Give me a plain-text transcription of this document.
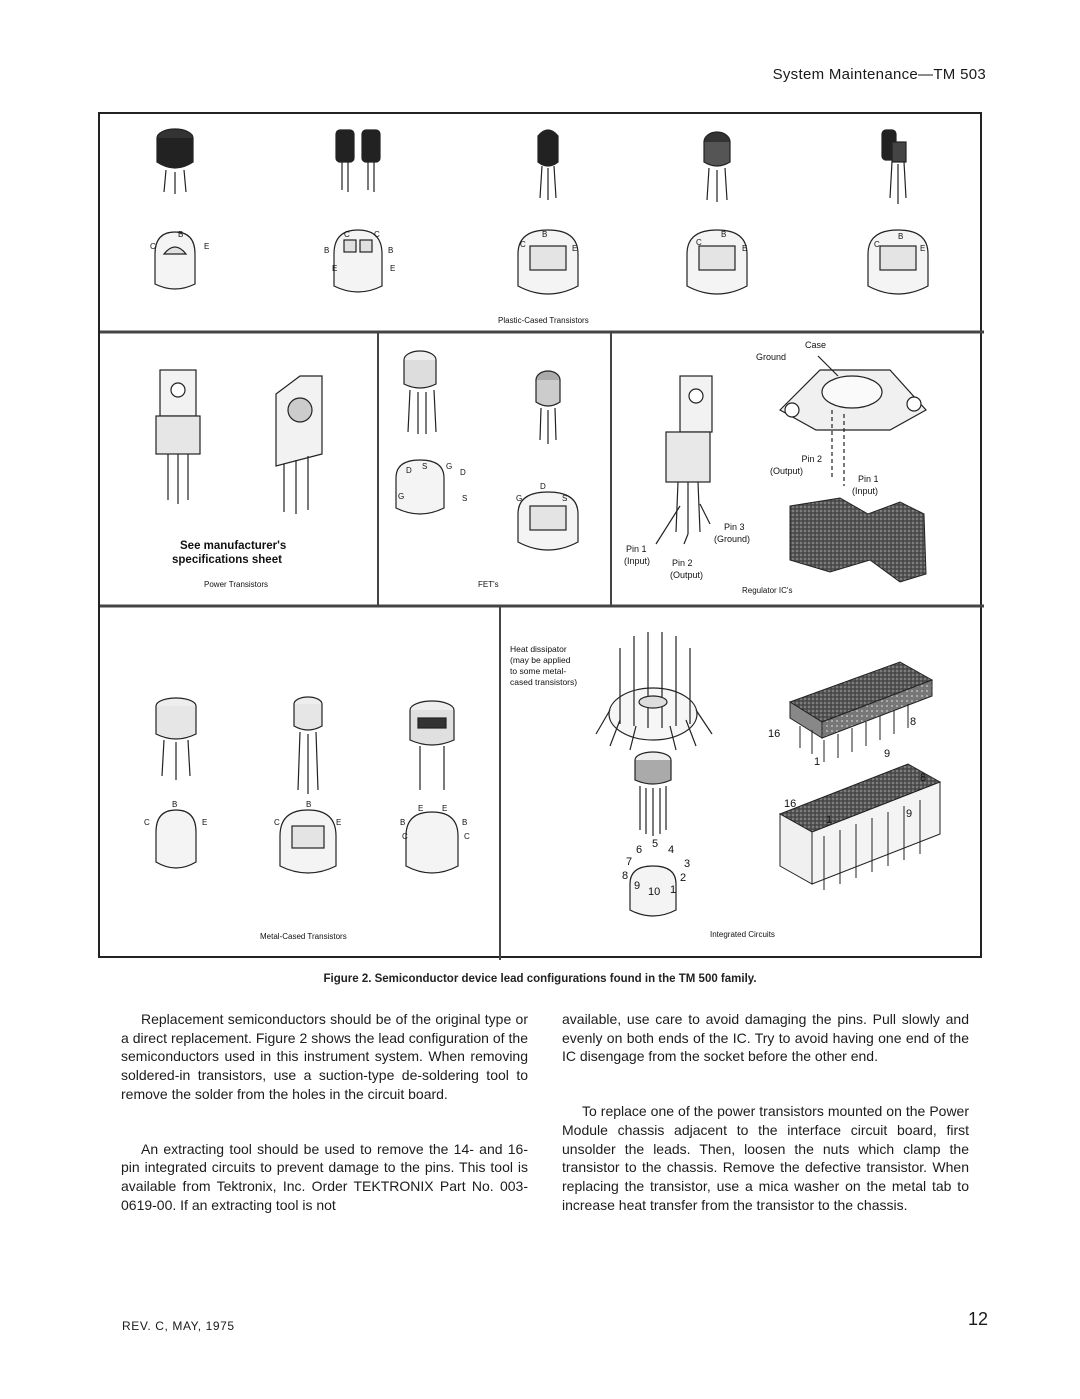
System Maintenance—TM 503
B
C	E
C	C
B	B
E	E
B
C	E
B
C
E
B
C	E
Plastic-Cased Transistors
See manufacturer's
specifications sheet
Power Transistors
D S G
D
G	S
D
G	S
FET's
Case
Ground
Pin 2
(Output)
Pin 1
(Input)
Pin 3
(Ground)
Pin 1
(Input) Pin 2
(Output)
Regulator IC's
B
C	E
B
C	E
E E
B	B
C	C
Metal-Cased Transistors
Heat dissipator
(may be applied
to some metal-
cased transistors)
6 5 4
7	3
8	2
9 10 1
16
8
1
9
16
8
1	9
Integrated Circuits
Figure 2. Semiconductor device lead configurations found in the TM 500 family.

Replacement semiconductors should be of the original type or a direct replacement. Figure 2 shows the lead configuration of the semiconductors used in this instrument system. When removing soldered-in transistors, use a suction-type de-soldering tool to remove the solder from the holes in the circuit board.

An extracting tool should be used to remove the 14- and 16-pin integrated circuits to prevent damage to the pins. This tool is available from Tektronix, Inc. Order TEKTRONIX Part No. 003-0619-00. If an extracting tool is not

available, use care to avoid damaging the pins. Pull slowly and evenly on both ends of the IC. Try to avoid having one end of the IC disengage from the socket before the other end.

To replace one of the power transistors mounted on the Power Module chassis adjacent to the interface circuit board, first unsolder the leads. Then, loosen the nuts which clamp the transistor to the chassis. Remove the defective transistor. When replacing the transistor, use a mica washer on the metal tab to increase heat transfer from the transistor to the chassis.

REV. C, MAY, 1975	12
